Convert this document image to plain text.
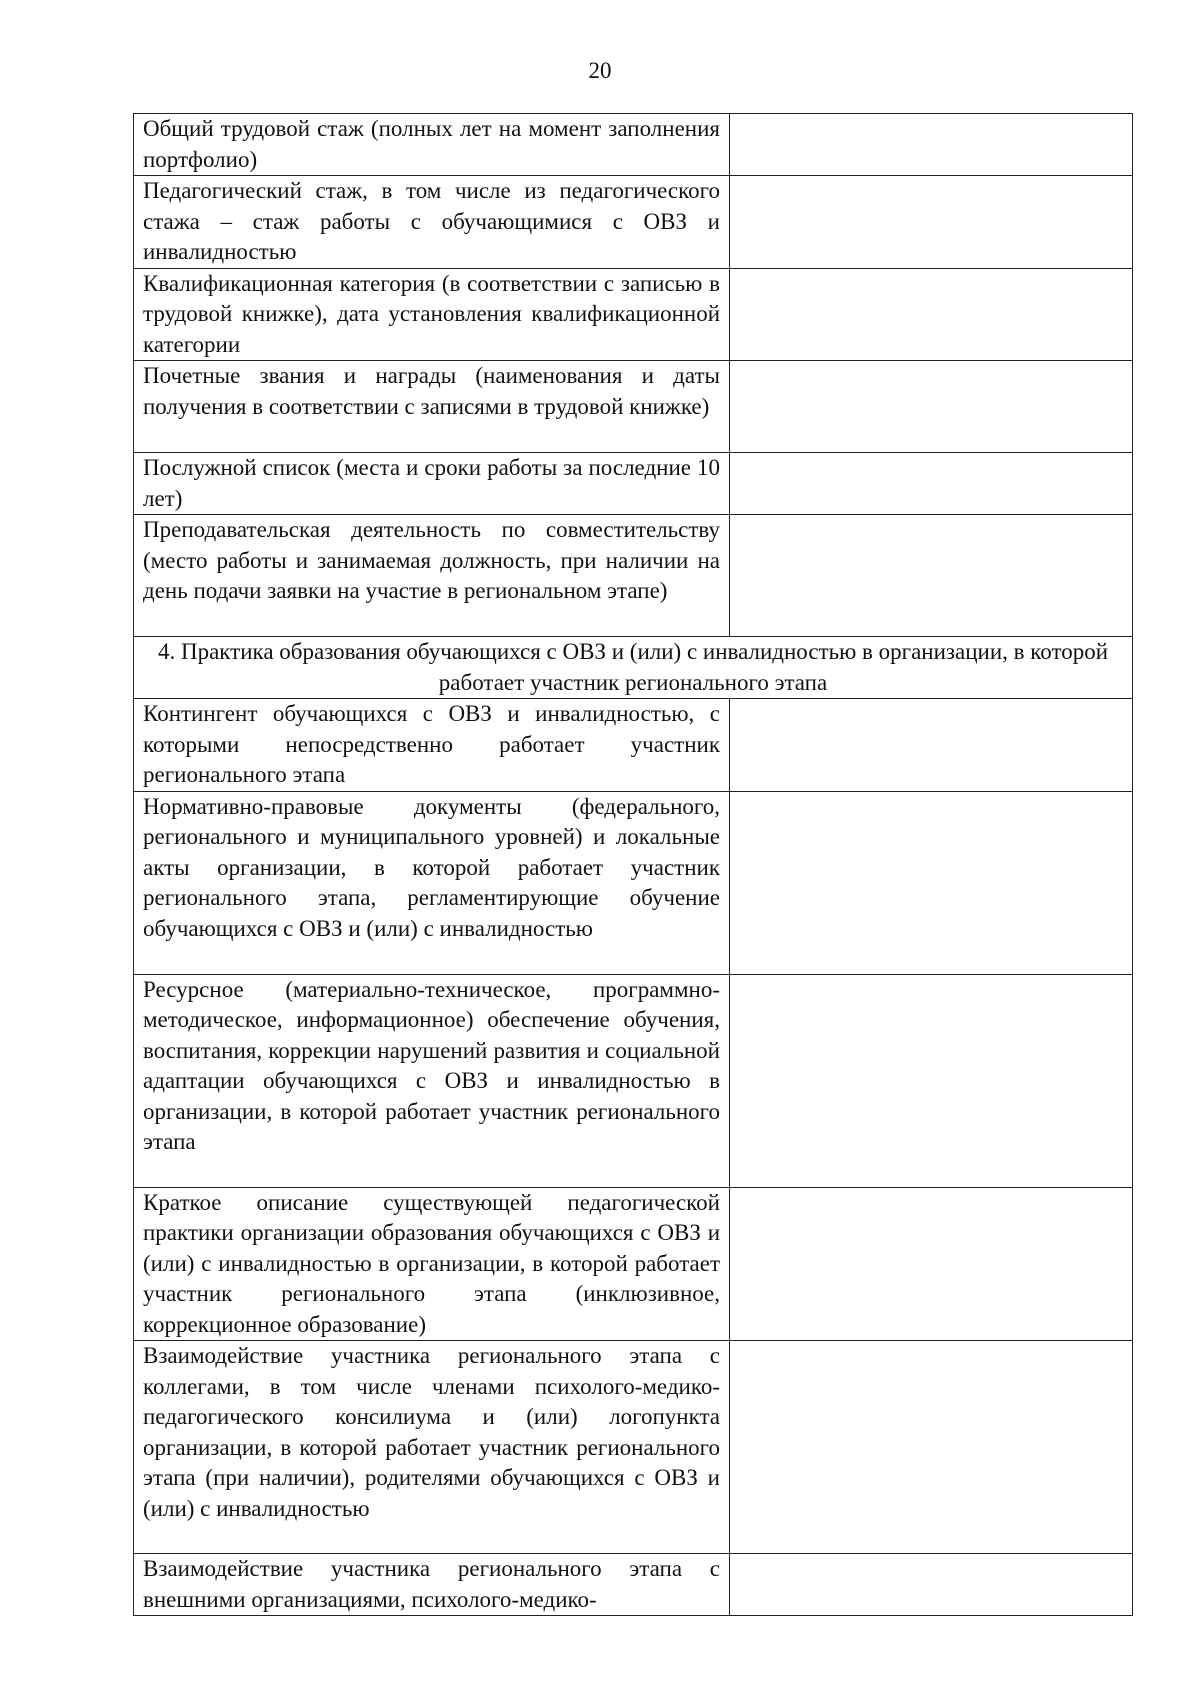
20
Общий трудовой стаж (полных лет на момент заполнения портфолио)	
Педагогический стаж, в том числе из педагогического стажа – стаж работы с обучающимися с ОВЗ и инвалидностью	
Квалификационная категория (в соответствии с записью в трудовой книжке), дата установления квалификационной категории	
Почетные звания и награды (наименования и даты получения в соответствии с записями в трудовой книжке)	
Послужной список (места и сроки работы за последние 10 лет)	
Преподавательская деятельность по совместительству (место работы и занимаемая должность, при наличии на день подачи заявки на участие в региональном этапе)	
4. Практика образования обучающихся с ОВЗ и (или) с инвалидностью в организации, в которой работает участник регионального этапа	
Контингент обучающихся с ОВЗ и инвалидностью, с которыми непосредственно работает участник регионального этапа	
Нормативно-правовые документы (федерального, регионального и муниципального уровней) и локальные акты организации, в которой работает участник регионального этапа, регламентирующие обучение обучающихся с ОВЗ и (или) с инвалидностью	
Ресурсное (материально-техническое, программно-методическое, информационное) обеспечение обучения, воспитания, коррекции нарушений развития и социальной адаптации обучающихся с ОВЗ и инвалидностью в организации, в которой работает участник регионального этапа	
Краткое описание существующей педагогической практики организации образования обучающихся с ОВЗ и (или) с инвалидностью в организации, в которой работает участник регионального этапа (инклюзивное, коррекционное образование)	
Взаимодействие участника регионального этапа с коллегами, в том числе членами психолого-медико-педагогического консилиума и (или) логопункта организации, в которой работает участник регионального этапа (при наличии), родителями обучающихся с ОВЗ и (или) с инвалидностью	
Взаимодействие участника регионального этапа с внешними организациями, психолого-медико-	
